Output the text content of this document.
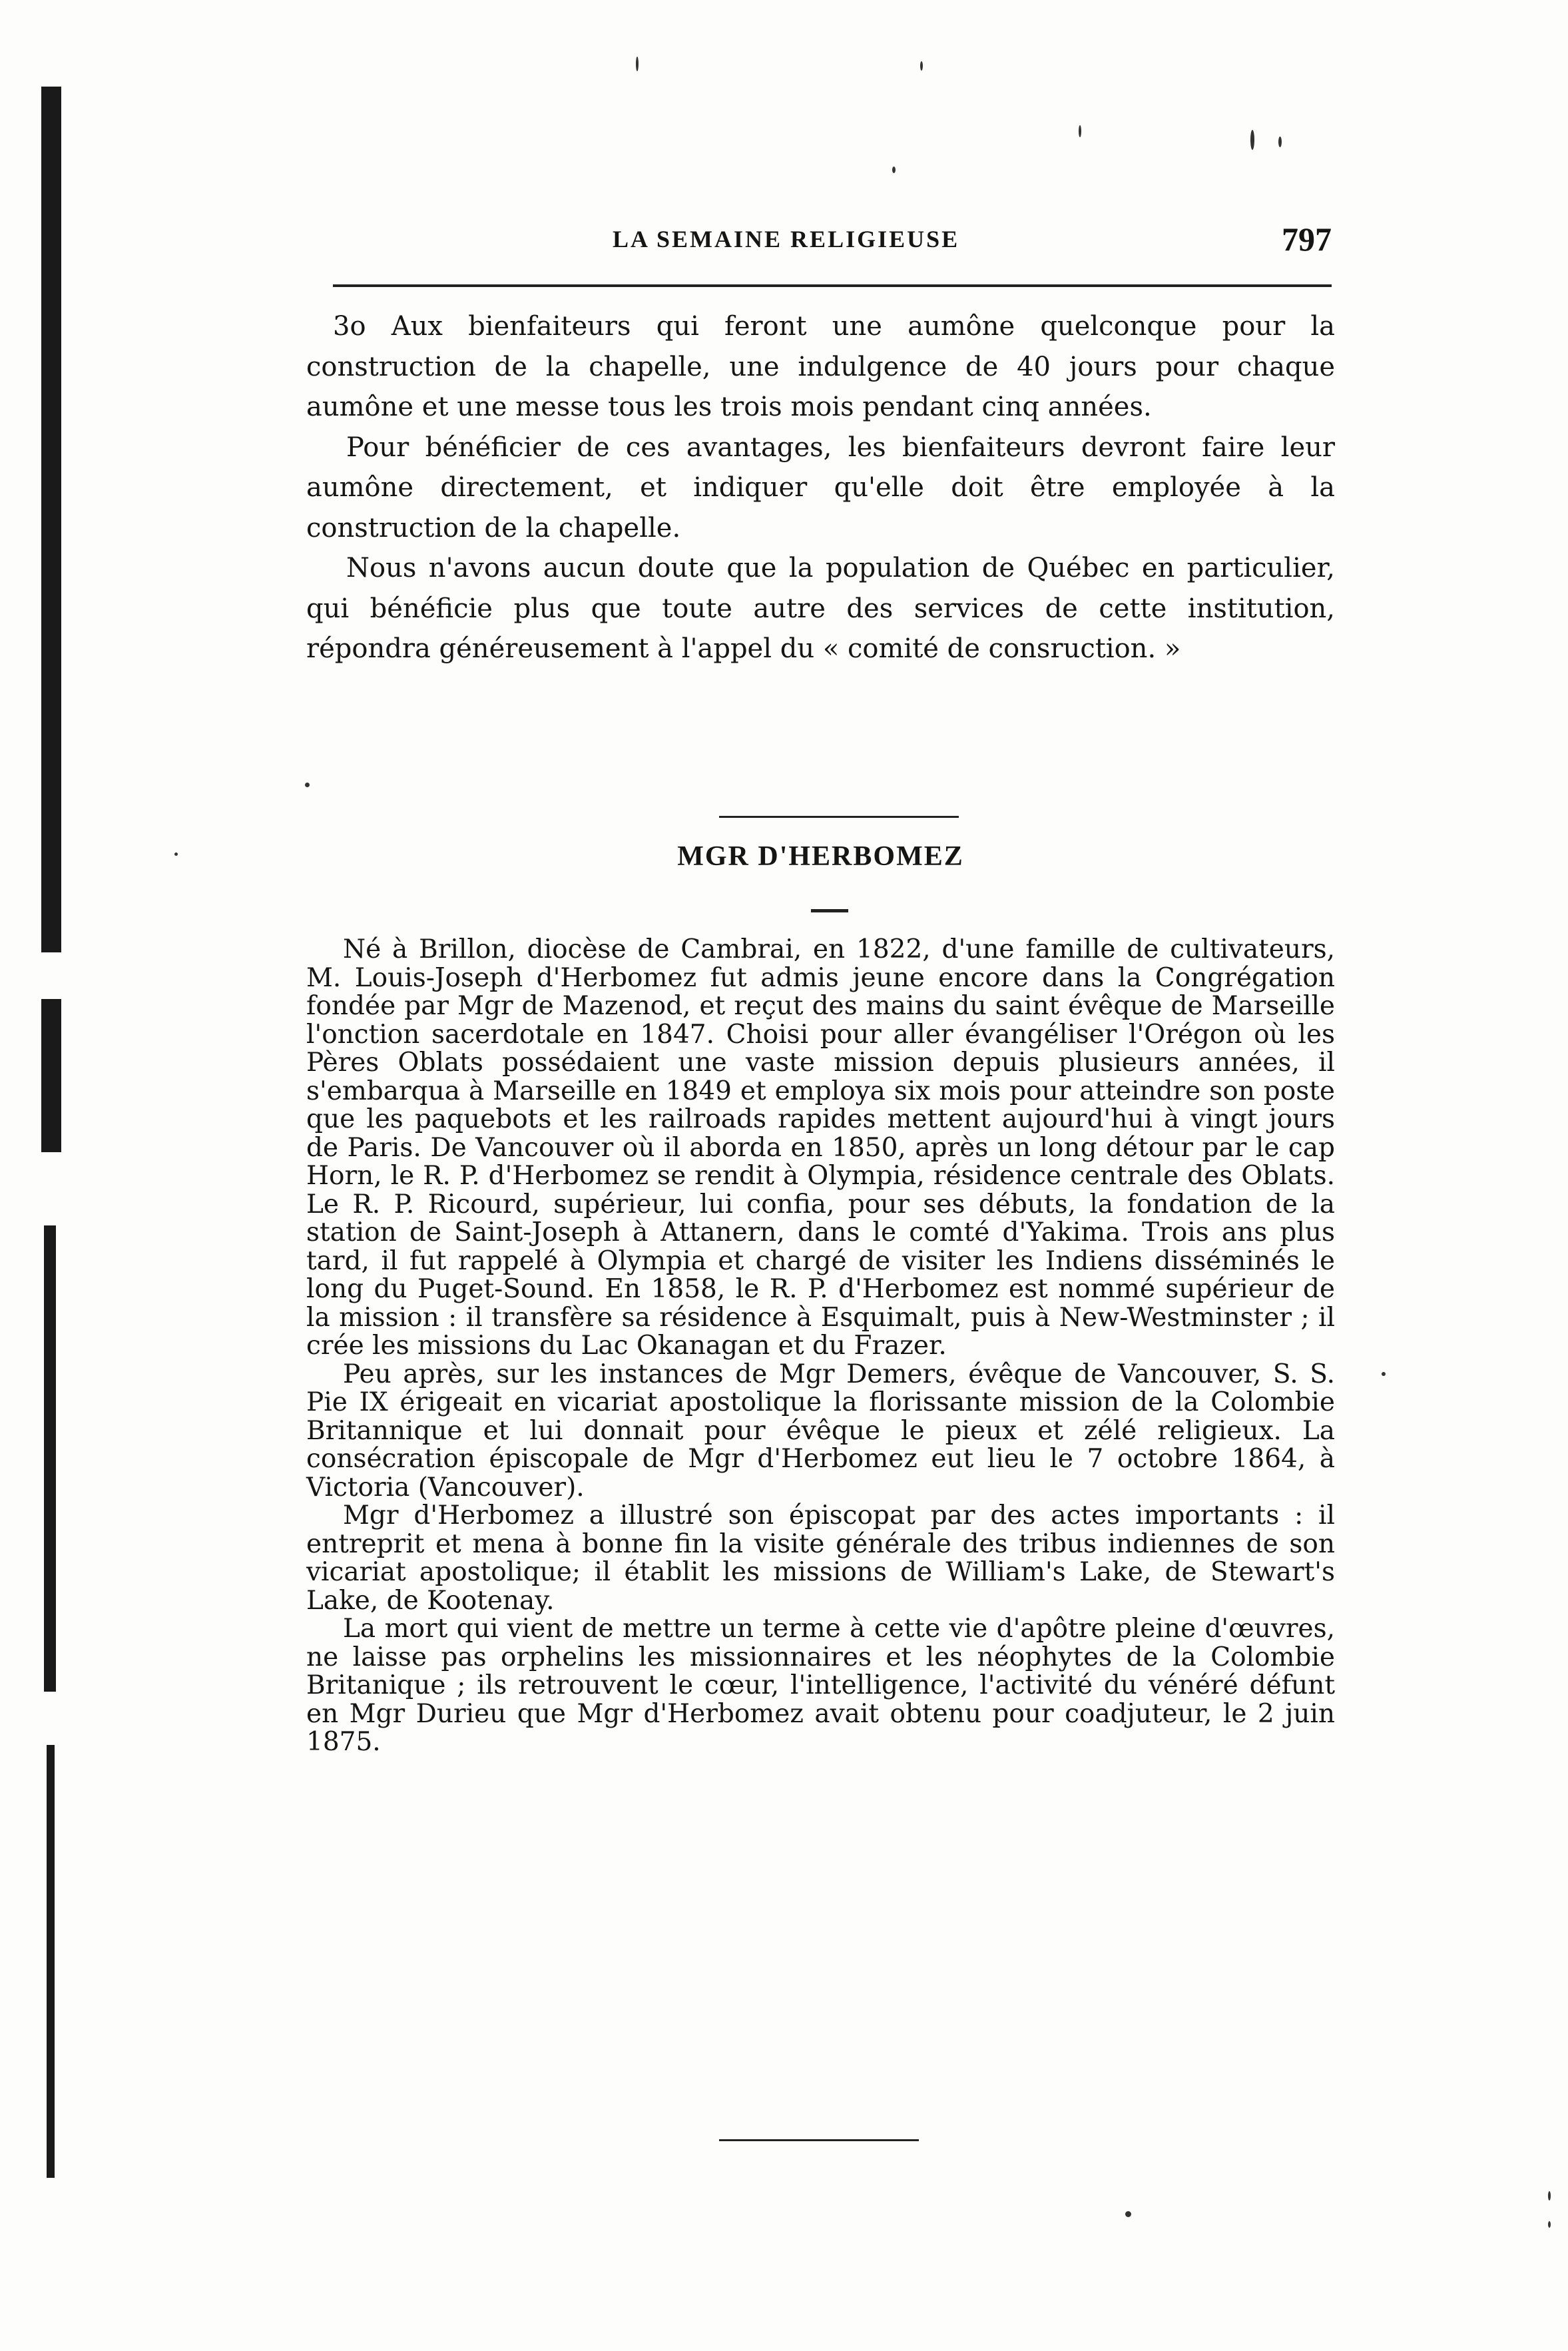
LA SEMAINE RELIGIEUSE	797

3o Aux bienfaiteurs qui feront une aumône quelconque pour la construction de la chapelle, une indulgence de 40 jours pour chaque aumône et une messe tous les trois mois pendant cinq années.

Pour bénéficier de ces avantages, les bienfaiteurs devront faire leur aumône directement, et indiquer qu'elle doit être employée à la construction de la chapelle.

Nous n'avons aucun doute que la population de Québec en particulier, qui bénéficie plus que toute autre des services de cette institution, répondra généreusement à l'appel du « comité de consruction. »

MGR D'HERBOMEZ

Né à Brillon, diocèse de Cambrai, en 1822, d'une famille de cultivateurs, M. Louis-Joseph d'Herbomez fut admis jeune encore dans la Congrégation fondée par Mgr de Mazenod, et reçut des mains du saint évêque de Marseille l'onction sacerdotale en 1847. Choisi pour aller évangéliser l'Orégon où les Pères Oblats possédaient une vaste mission depuis plusieurs années, il s'embarqua à Marseille en 1849 et employa six mois pour atteindre son poste que les paquebots et les railroads rapides mettent aujourd'hui à vingt jours de Paris. De Vancouver où il aborda en 1850, après un long détour par le cap Horn, le R. P. d'Herbomez se rendit à Olympia, résidence centrale des Oblats. Le R. P. Ricourd, supérieur, lui confia, pour ses débuts, la fondation de la station de Saint-Joseph à Attanern, dans le comté d'Yakima. Trois ans plus tard, il fut rappelé à Olympia et chargé de visiter les Indiens disséminés le long du Puget-Sound. En 1858, le R. P. d'Herbomez est nommé supérieur de la mission : il transfère sa résidence à Esquimalt, puis à New-Westminster ; il crée les missions du Lac Okanagan et du Frazer.

Peu après, sur les instances de Mgr Demers, évêque de Vancouver, S. S. Pie IX érigeait en vicariat apostolique la florissante mission de la Colombie Britannique et lui donnait pour évêque le pieux et zélé religieux. La consécration épiscopale de Mgr d'Herbomez eut lieu le 7 octobre 1864, à Victoria (Vancouver).

Mgr d'Herbomez a illustré son épiscopat par des actes importants : il entreprit et mena à bonne fin la visite générale des tribus indiennes de son vicariat apostolique; il établit les missions de William's Lake, de Stewart's Lake, de Kootenay.

La mort qui vient de mettre un terme à cette vie d'apôtre pleine d'œuvres, ne laisse pas orphelins les missionnaires et les néophytes de la Colombie Britanique ; ils retrouvent le cœur, l'intelligence, l'activité du vénéré défunt en Mgr Durieu que Mgr d'Herbomez avait obtenu pour coadjuteur, le 2 juin 1875.
